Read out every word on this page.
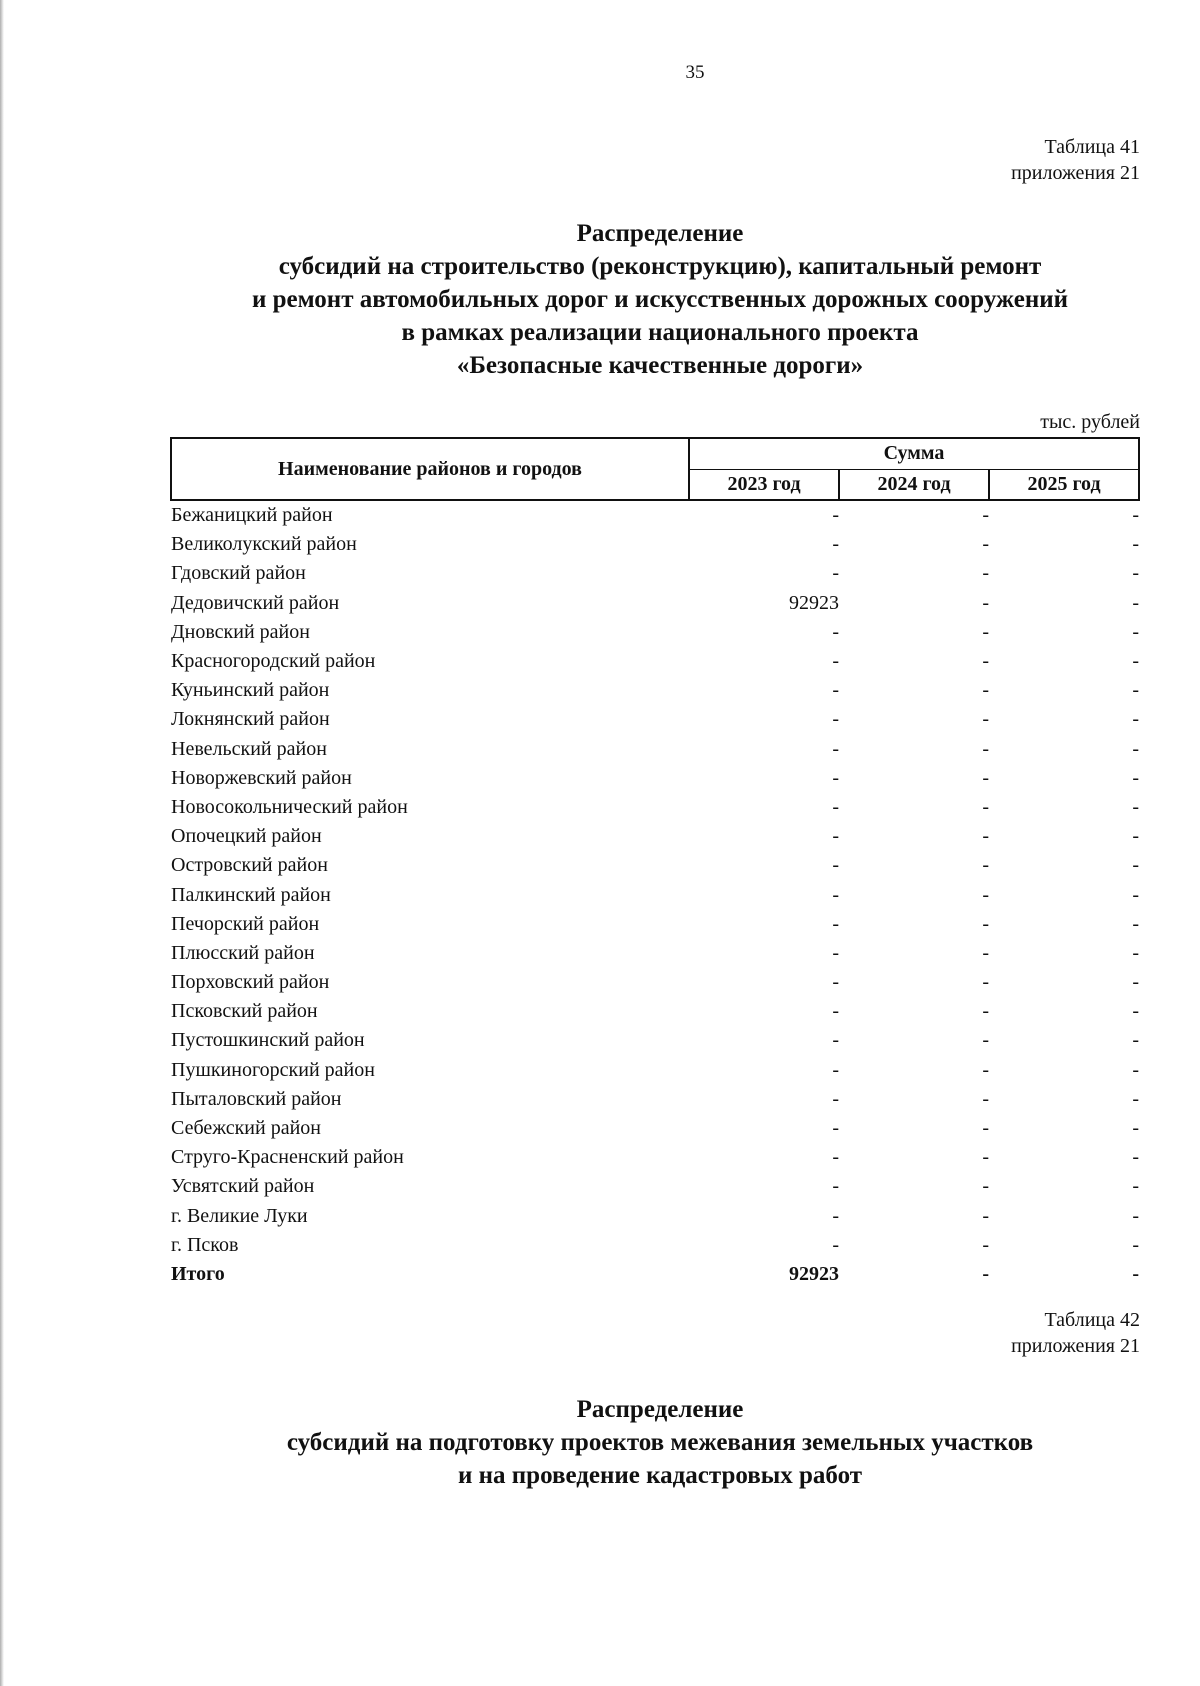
35
Таблица 41
приложения 21
Распределение
субсидий на строительство (реконструкцию), капитальный ремонт
и ремонт автомобильных дорог и искусственных дорожных сооружений
в рамках реализации национального проекта
«Безопасные качественные дороги»
тыс. рублей
Наименование районов и городов	Сумма		
	2023 год	2024 год	2025 год
Бежаницкий район	-	-	-
Великолукский район	-	-	-
Гдовский район	-	-	-
Дедовичский район	92923	-	-
Дновский район	-	-	-
Красногородский район	-	-	-
Куньинский район	-	-	-
Локнянский район	-	-	-
Невельский район	-	-	-
Новоржевский район	-	-	-
Новосокольнический район	-	-	-
Опочецкий район	-	-	-
Островский район	-	-	-
Палкинский район	-	-	-
Печорский район	-	-	-
Плюсский район	-	-	-
Порховский район	-	-	-
Псковский район	-	-	-
Пустошкинский район	-	-	-
Пушкиногорский район	-	-	-
Пыталовский район	-	-	-
Себежский район	-	-	-
Струго-Красненский район	-	-	-
Усвятский район	-	-	-
г. Великие Луки	-	-	-
г. Псков	-	-	-
Итого	92923	-	-
Таблица 42
приложения 21
Распределение
субсидий на подготовку проектов межевания земельных участков
и на проведение кадастровых работ
